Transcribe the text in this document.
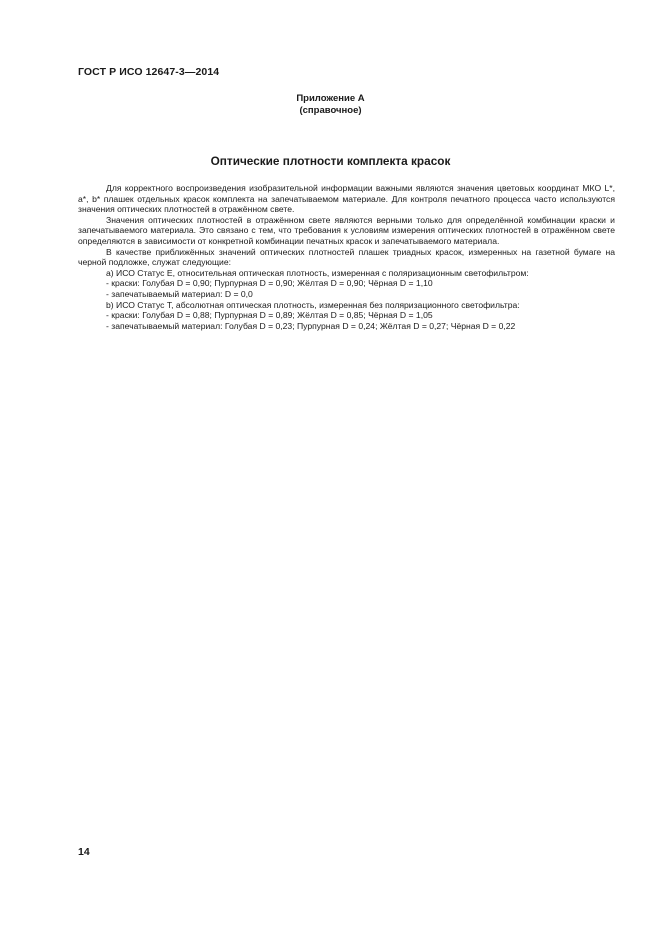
ГОСТ Р ИСО 12647-3—2014
Приложение А
(справочное)
Оптические плотности комплекта красок

Для корректного воспроизведения изобразительной информации важными являются значения цветовых координат МКО L*, a*, b* плашек отдельных красок комплекта на запечатываемом материале. Для контроля печатного процесса часто используются значения оптических плотностей в отражённом свете.

Значения оптических плотностей в отражённом свете являются верными только для определённой комбинации краски и запечатываемого материала. Это связано с тем, что требования к условиям измерения оптических плотностей в отражённом свете определяются в зависимости от конкретной комбинации печатных красок и запечатываемого материала.

В качестве приближённых значений оптических плотностей плашек триадных красок, измеренных на газетной бумаге на черной подложке, служат следующие:

a) ИСО Статус E, относительная оптическая плотность, измеренная с поляризационным светофильтром:

- краски: Голубая D = 0,90; Пурпурная D = 0,90; Жёлтая D = 0,90; Чёрная D = 1,10

- запечатываемый материал: D = 0,0

b) ИСО Статус T, абсолютная оптическая плотность, измеренная без поляризационного светофильтра:

- краски: Голубая D = 0,88; Пурпурная D = 0,89; Жёлтая D = 0,85; Чёрная D = 1,05

- запечатываемый материал: Голубая D = 0,23; Пурпурная D = 0,24; Жёлтая D = 0,27; Чёрная D = 0,22

14
